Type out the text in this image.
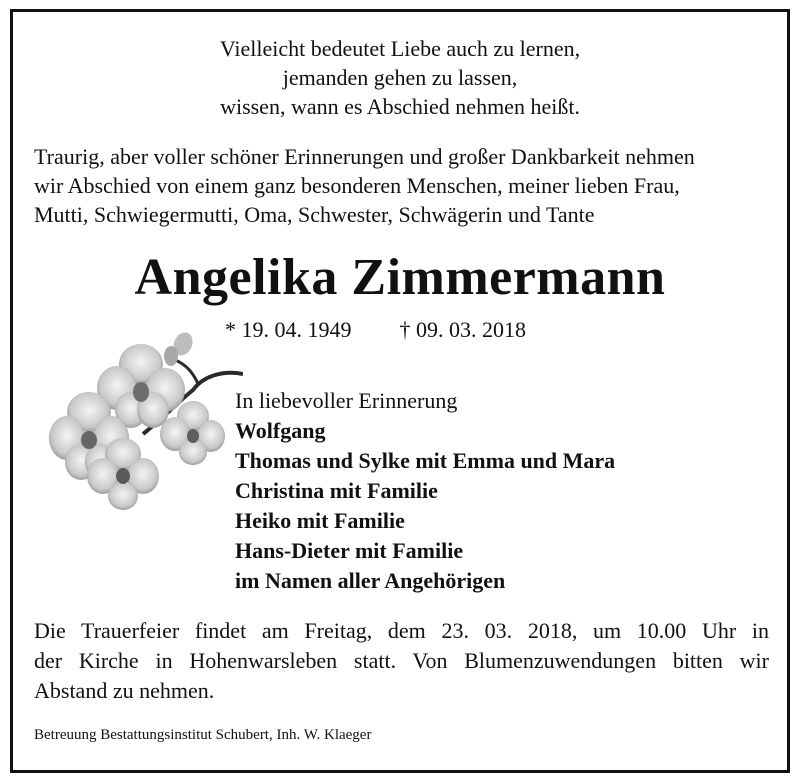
Vielleicht bedeutet Liebe auch zu lernen,
jemanden gehen zu lassen,
wissen, wann es Abschied nehmen heißt.
Traurig, aber voller schöner Erinnerungen und großer Dankbarkeit nehmen
wir Abschied von einem ganz besonderen Menschen, meiner lieben Frau,
Mutti, Schwiegermutti, Oma, Schwester, Schwägerin und Tante
Angelika Zimmermann
* 19. 04. 1949 † 09. 03. 2018
In liebevoller Erinnerung
Wolfgang
Thomas und Sylke mit Emma und Mara
Christina mit Familie
Heiko mit Familie
Hans-Dieter mit Familie
im Namen aller Angehörigen
Die Trauerfeier findet am Freitag, dem 23. 03. 2018, um 10.00 Uhr in
der Kirche in Hohenwarsleben statt. Von Blumenzuwendungen bitten wir
Abstand zu nehmen.
Betreuung Bestattungsinstitut Schubert, Inh. W. Klaeger
